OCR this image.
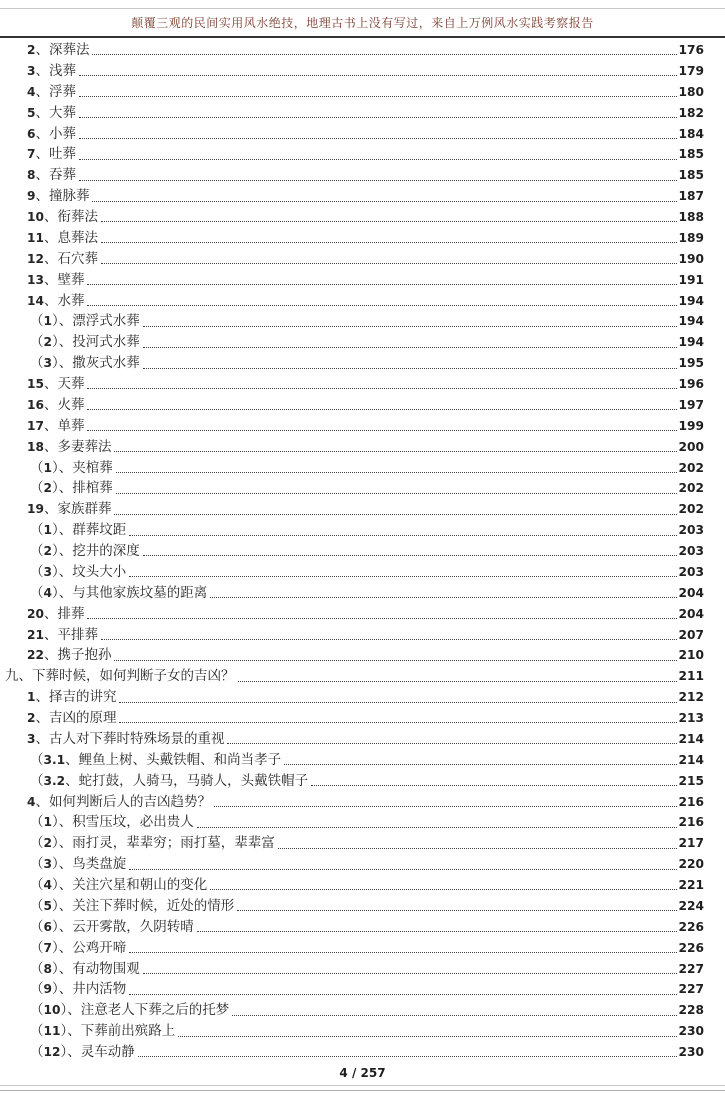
颠覆三观的民间实用风水绝技，地理古书上没有写过，来自上万例风水实践考察报告
2、深葬法	176
3、浅葬	179
4、浮葬	180
5、大葬	182
6、小葬	184
7、吐葬	185
8、吞葬	185
9、撞脉葬	187
10、衔葬法	188
11、息葬法	189
12、石穴葬	190
13、壁葬	191
14、水葬	194
（1）、漂浮式水葬	194
（2）、投河式水葬	194
（3）、撒灰式水葬	195
15、天葬	196
16、火葬	197
17、单葬	199
18、多妻葬法	200
（1）、夹棺葬	202
（2）、排棺葬	202
19、家族群葬	202
（1）、群葬坟距	203
（2）、挖井的深度	203
（3）、坟头大小	203
（4）、与其他家族坟墓的距离	204
20、排葬	204
21、平排葬	207
22、携子抱孙	210
九、下葬时候，如何判断子女的吉凶？	211
1、择吉的讲究	212
2、吉凶的原理	213
3、古人对下葬时特殊场景的重视	214
（3.1、鲤鱼上树、头戴铁帽、和尚当孝子	214
（3.2、蛇打鼓，人骑马，马骑人，头戴铁帽子	215
4、如何判断后人的吉凶趋势？	216
（1）、积雪压坟，必出贵人	216
（2）、雨打灵，辈辈穷；雨打墓，辈辈富	217
（3）、鸟类盘旋	220
（4）、关注穴星和朝山的变化	221
（5）、关注下葬时候，近处的情形	224
（6）、云开雾散，久阴转晴	226
（7）、公鸡开啼	226
（8）、有动物围观	227
（9）、井内活物	227
（10）、注意老人下葬之后的托梦	228
（11）、下葬前出殡路上	230
（12）、灵车动静	230
4 / 257
